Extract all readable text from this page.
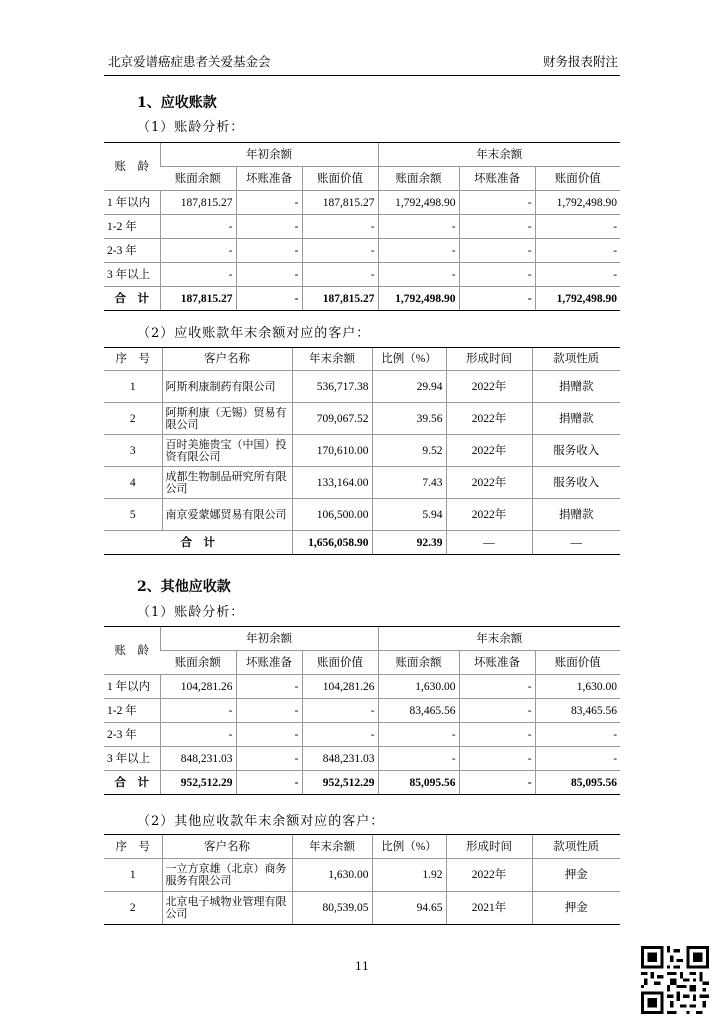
北京爱谱癌症患者关爱基金会	财务报表附注
1、应收账款
（1）账龄分析：
账　龄	年初余额			年末余额		
	账面余额	坏账准备	账面价值	账面余额	坏账准备	账面价值
1 年以内	187,815.27	-	187,815.27	1,792,498.90	-	1,792,498.90
1-2 年	-	-	-	-	-	-
2-3 年	-	-	-	-	-	-
3 年以上	-	-	-	-	-	-
合　计	187,815.27	-	187,815.27	1,792,498.90	-	1,792,498.90
（2）应收账款年末余额对应的客户：
序　号	客户名称	年末余额	比例（%）	形成时间	款项性质
1	阿斯利康制药有限公司	536,717.38	29.94	2022年	捐赠款
2	阿斯利康（无锡）贸易有限公司	709,067.52	39.56	2022年	捐赠款
3	百时美施贵宝（中国）投资有限公司	170,610.00	9.52	2022年	服务收入
4	成都生物制品研究所有限公司	133,164.00	7.43	2022年	服务收入
5	南京爱蒙娜贸易有限公司	106,500.00	5.94	2022年	捐赠款
合　计		1,656,058.90	92.39	—	—
2、其他应收款
（1）账龄分析：
账　龄	年初余额			年末余额		
	账面余额	坏账准备	账面价值	账面余额	坏账准备	账面价值
1 年以内	104,281.26	-	104,281.26	1,630.00	-	1,630.00
1-2 年	-	-	-	83,465.56	-	83,465.56
2-3 年	-	-	-	-	-	-
3 年以上	848,231.03	-	848,231.03	-	-	-
合　计	952,512.29	-	952,512.29	85,095.56	-	85,095.56
（2）其他应收款年末余额对应的客户：
序　号	客户名称	年末余额	比例（%）	形成时间	款项性质
1	一立方京雄（北京）商务服务有限公司	1,630.00	1.92	2022年	押金
2	北京电子城物业管理有限公司	80,539.05	94.65	2021年	押金
11
